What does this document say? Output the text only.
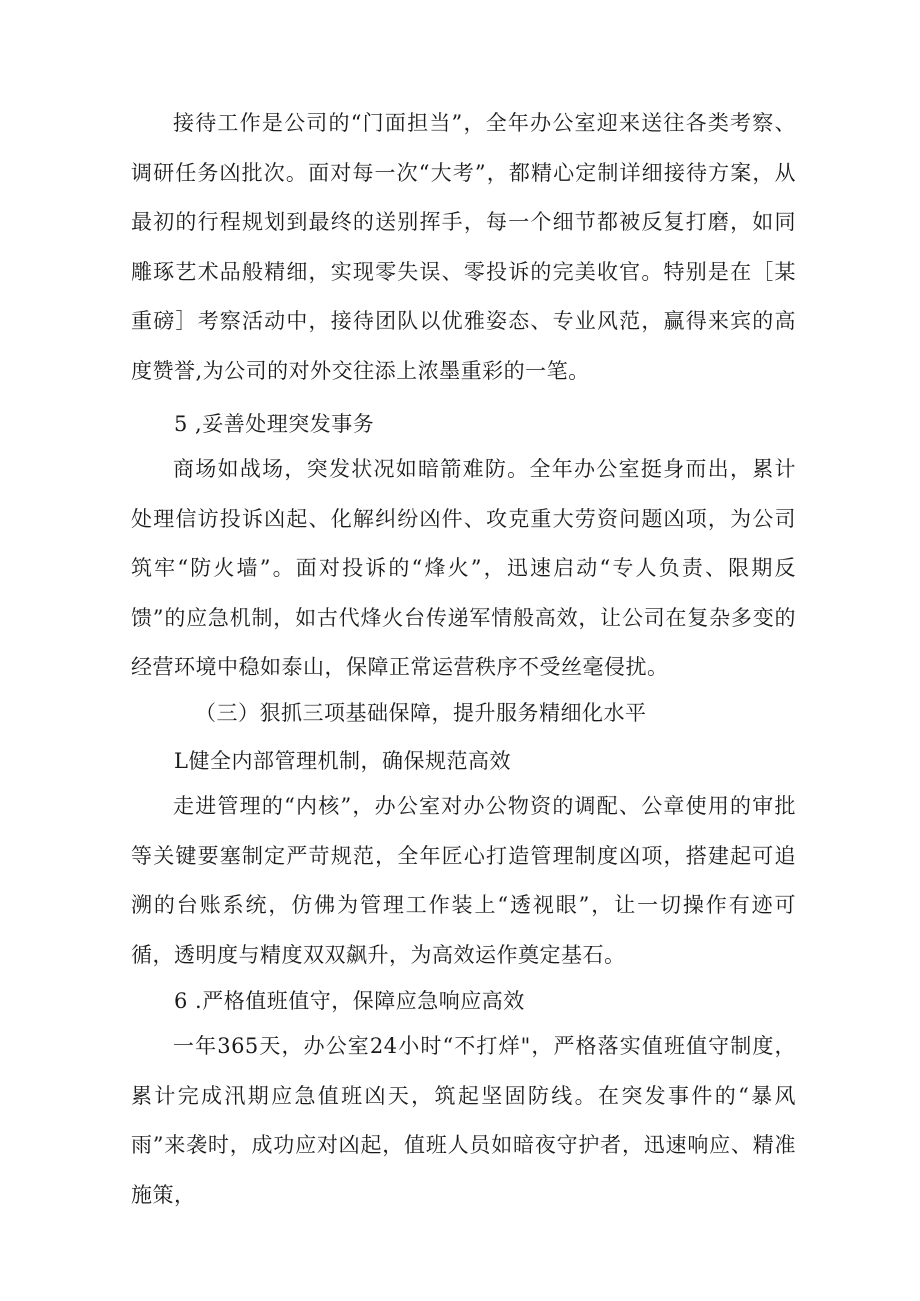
接待工作是公司的“门面担当”，全年办公室迎来送往各类考察、调研任务凶批次。面对每一次“大考”，都精心定制详细接待方案，从最初的行程规划到最终的送别挥手，每一个细节都被反复打磨，如同雕琢艺术品般精细，实现零失误、零投诉的完美收官。特别是在［某重磅］考察活动中，接待团队以优雅姿态、专业风范，赢得来宾的高度赞誉,为公司的对外交往添上浓墨重彩的一笔。

5 ,妥善处理突发事务

商场如战场，突发状况如暗箭难防。全年办公室挺身而出，累计处理信访投诉凶起、化解纠纷凶件、攻克重大劳资问题凶项，为公司筑牢“防火墙”。面对投诉的“烽火”，迅速启动“专人负责、限期反馈”的应急机制，如古代烽火台传递军情般高效，让公司在复杂多变的经营环境中稳如泰山，保障正常运营秩序不受丝毫侵扰。

（三）狠抓三项基础保障，提升服务精细化水平

L健全内部管理机制，确保规范高效

走进管理的“内核”，办公室对办公物资的调配、公章使用的审批等关键要塞制定严苛规范，全年匠心打造管理制度凶项，搭建起可追溯的台账系统，仿佛为管理工作装上“透视眼”，让一切操作有迹可循，透明度与精度双双飙升，为高效运作奠定基石。

6 .严格值班值守，保障应急响应高效

一年365天，办公室24小时“不打烊"，严格落实值班值守制度，累计完成汛期应急值班凶天，筑起坚固防线。在突发事件的“暴风雨”来袭时，成功应对凶起，值班人员如暗夜守护者，迅速响应、精准施策，
